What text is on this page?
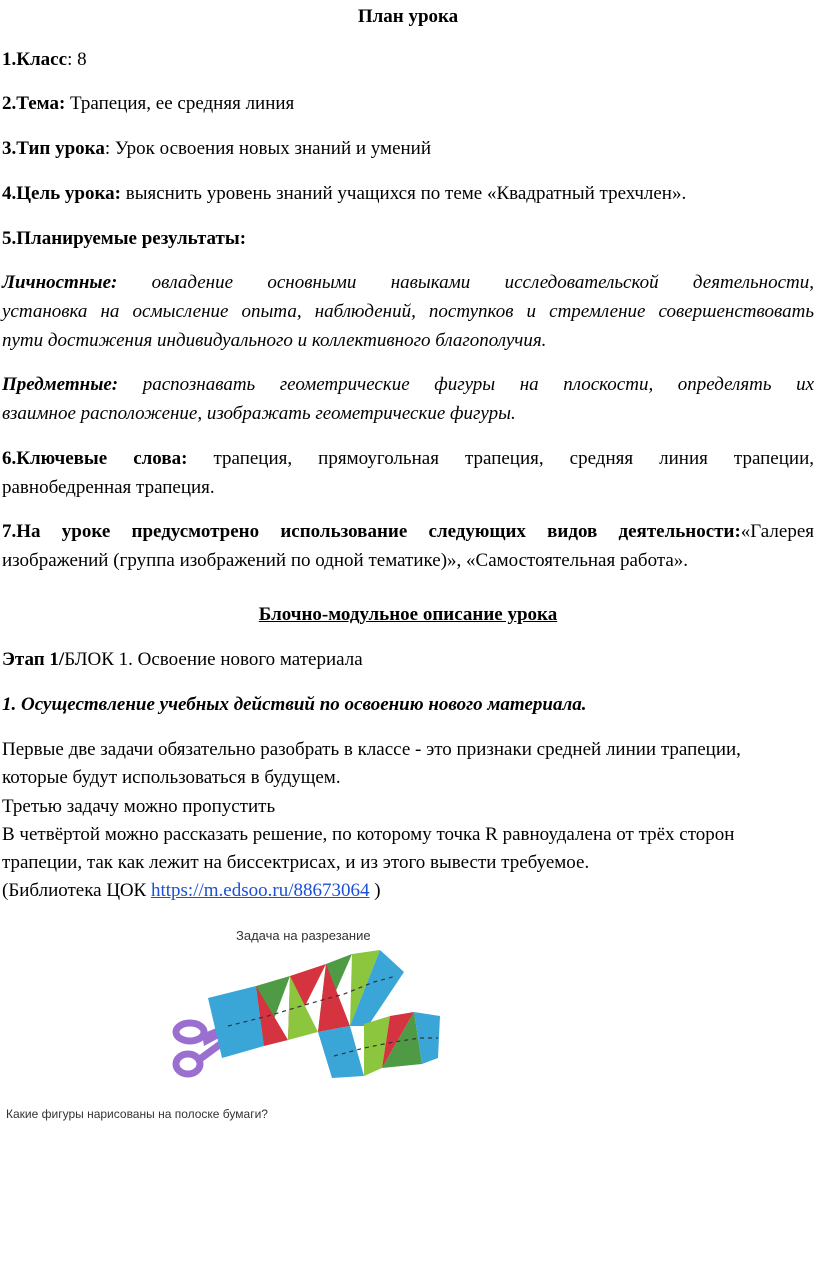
План урока
1.Класс: 8
2.Тема: Трапеция, ее средняя линия
3.Тип урока: Урок освоения новых знаний и умений
4.Цель урока: выяснить уровень знаний учащихся по теме «Квадратный трехчлен».
5.Планируемые результаты:
Личностные: овладение основными навыками исследовательской деятельности,
установка на осмысление опыта, наблюдений, поступков и стремление совершенствовать
пути достижения индивидуального и коллективного благополучия.
Предметные: распознавать геометрические фигуры на плоскости, определять их
взаимное расположение, изображать геометрические фигуры.
6.Ключевые слова: трапеция, прямоугольная трапеция, средняя линия трапеции,
равнобедренная трапеция.
7.На уроке предусмотрено использование следующих видов деятельности:«Галерея
изображений (группа изображений по одной тематике)», «Самостоятельная работа».
Блочно-модульное описание урока
Этап 1/БЛОК 1. Освоение нового материала
1. Осуществление учебных действий по освоению нового материала.
Первые две задачи обязательно разобрать в классе - это признаки средней линии трапеции,
которые будут использоваться в будущем.
Третью задачу можно пропустить
В четвёртой можно рассказать решение, по которому точка R равноудалена от трёх сторон
трапеции, так как лежит на биссектрисах, и из этого вывести требуемое.
(Библиотека ЦОК https://m.edsoo.ru/88673064 )
Задача на разрезание
Какие фигуры нарисованы на полоске бумаги?
